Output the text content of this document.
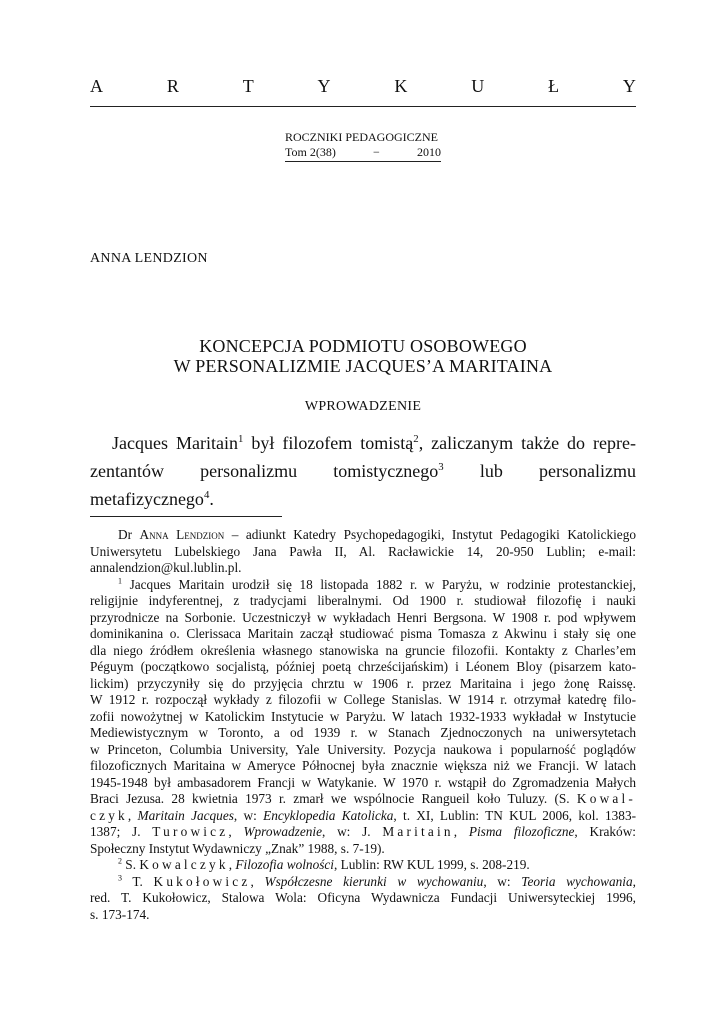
A	R	T	Y	K	U	Ł	Y
ROCZNIKI PEDAGOGICZNE
Tom 2(38)	−	2010
ANNA LENDZION
KONCEPCJA PODMIOTU OSOBOWEGO
W PERSONALIZMIE JACQUES’A MARITAINA
WPROWADZENIE
Jacques Maritain$^1$ był filozofem tomistą$^2$, zaliczanym także do repre-
zentantów personalizmu tomistycznego$^3$ lub personalizmu metafizycznego$^4$.
Dr Anna Lendzion – adiunkt Katedry Psychopedagogiki, Instytut Pedagogiki Katolickiego
Uniwersytetu Lubelskiego Jana Pawła II, Al. Racławickie 14, 20-950 Lublin; e-mail:
annalendzion@kul.lublin.pl.
$^1$ Jacques Maritain urodził się 18 listopada 1882 r. w Paryżu, w rodzinie protestanckiej,
religijnie indyferentnej, z tradycjami liberalnymi. Od 1900 r. studiował filozofię i nauki
przyrodnicze na Sorbonie. Uczestniczył w wykładach Henri Bergsona. W 1908 r. pod wpływem
dominikanina o. Clerissaca Maritain zaczął studiować pisma Tomasza z Akwinu i stały się one
dla niego źródłem określenia własnego stanowiska na gruncie filozofii. Kontakty z Charles’em
Péguym (początkowo socjalistą, później poetą chrześcijańskim) i Léonem Bloy (pisarzem kato-
lickim) przyczyniły się do przyjęcia chrztu w 1906 r. przez Maritaina i jego żonę Raissę.
W 1912 r. rozpoczął wykłady z filozofii w College Stanislas. W 1914 r. otrzymał katedrę filo-
zofii nowożytnej w Katolickim Instytucie w Paryżu. W latach 1932-1933 wykładał w Instytucie
Mediewistycznym w Toronto, a od 1939 r. w Stanach Zjednoczonych na uniwersytetach
w Princeton, Columbia University, Yale University. Pozycja naukowa i popularność poglądów
filozoficznych Maritaina w Ameryce Północnej była znacznie większa niż we Francji. W latach
1945-1948 był ambasadorem Francji w Watykanie. W 1970 r. wstąpił do Zgromadzenia Małych
Braci Jezusa. 28 kwietnia 1973 r. zmarł we wspólnocie Rangueil koło Tuluzy. (S. Kowal-
czyk, Maritain Jacques, w: Encyklopedia Katolicka, t. XI, Lublin: TN KUL 2006, kol. 1383-
1387; J. Turowicz, Wprowadzenie, w: J. Maritain, Pisma filozoficzne, Kraków:
Społeczny Instytut Wydawniczy „Znak” 1988, s. 7-19).
$^2$ S. Kowalczyk, Filozofia wolności, Lublin: RW KUL 1999, s. 208-219.
$^3$ T. Kukołowicz, Współczesne kierunki w wychowaniu, w: Teoria wychowania,
red. T. Kukołowicz, Stalowa Wola: Oficyna Wydawnicza Fundacji Uniwersyteckiej 1996,
s. 173-174.
